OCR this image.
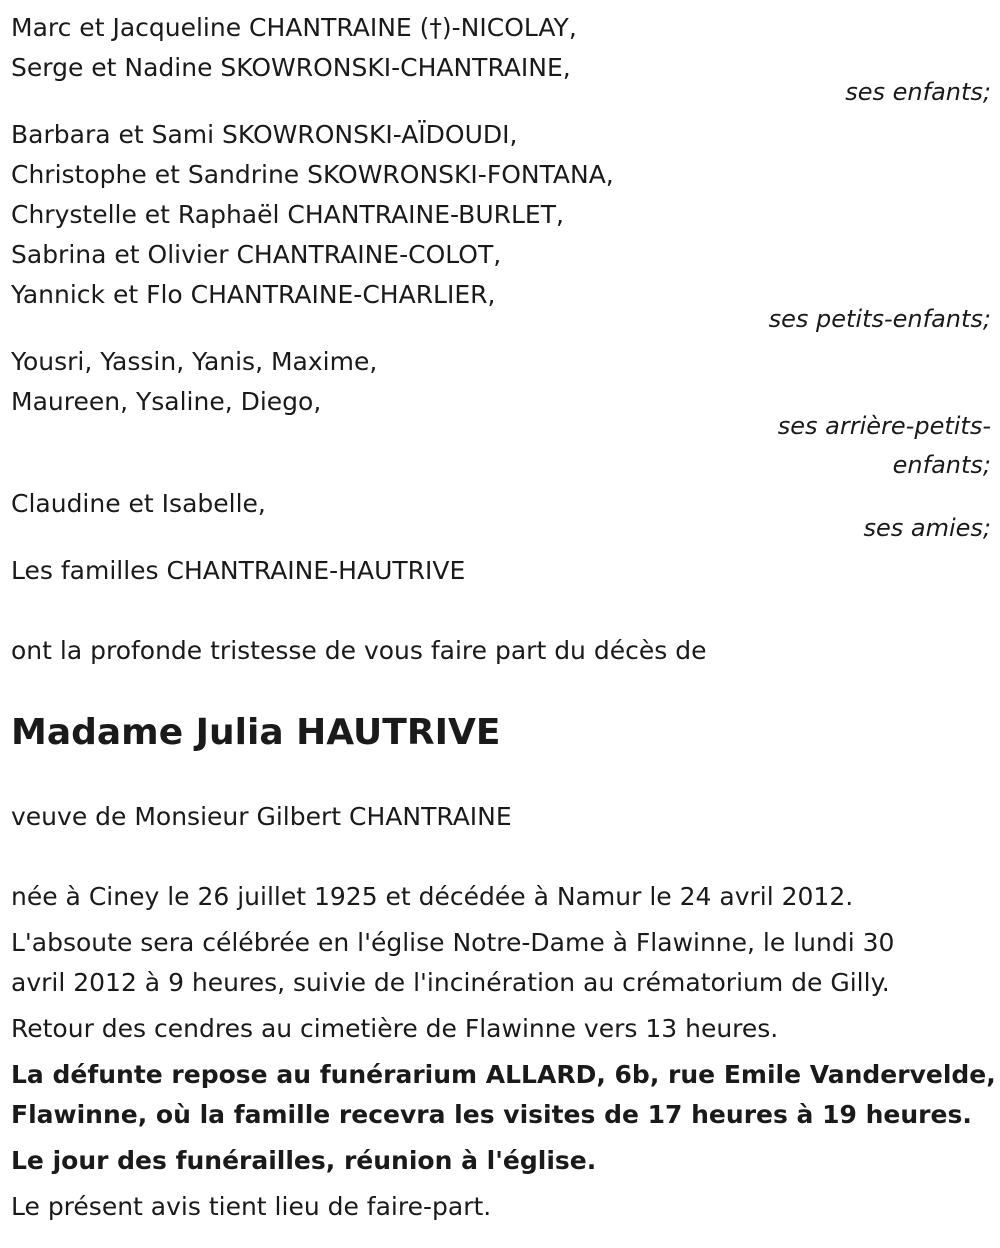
Marc et Jacqueline CHANTRAINE (†)-NICOLAY,
Serge et Nadine SKOWRONSKI-CHANTRAINE,
ses enfants;
Barbara et Sami SKOWRONSKI-AÏDOUDI,
Christophe et Sandrine SKOWRONSKI-FONTANA,
Chrystelle et Raphaël CHANTRAINE-BURLET,
Sabrina et Olivier CHANTRAINE-COLOT,
Yannick et Flo CHANTRAINE-CHARLIER,
ses petits-enfants;
Yousri, Yassin, Yanis, Maxime,
Maureen, Ysaline, Diego,
ses arrière-petits-
enfants;
Claudine et Isabelle,
ses amies;
Les familles CHANTRAINE-HAUTRIVE
ont la profonde tristesse de vous faire part du décès de
Madame Julia HAUTRIVE
veuve de Monsieur Gilbert CHANTRAINE
née à Ciney le 26 juillet 1925 et décédée à Namur le 24 avril 2012.
L'absoute sera célébrée en l'église Notre-Dame à Flawinne, le lundi 30
avril 2012 à 9 heures, suivie de l'incinération au crématorium de Gilly.
Retour des cendres au cimetière de Flawinne vers 13 heures.
La défunte repose au funérarium ALLARD, 6b, rue Emile Vandervelde,
Flawinne, où la famille recevra les visites de 17 heures à 19 heures.
Le jour des funérailles, réunion à l'église.
Le présent avis tient lieu de faire-part.
